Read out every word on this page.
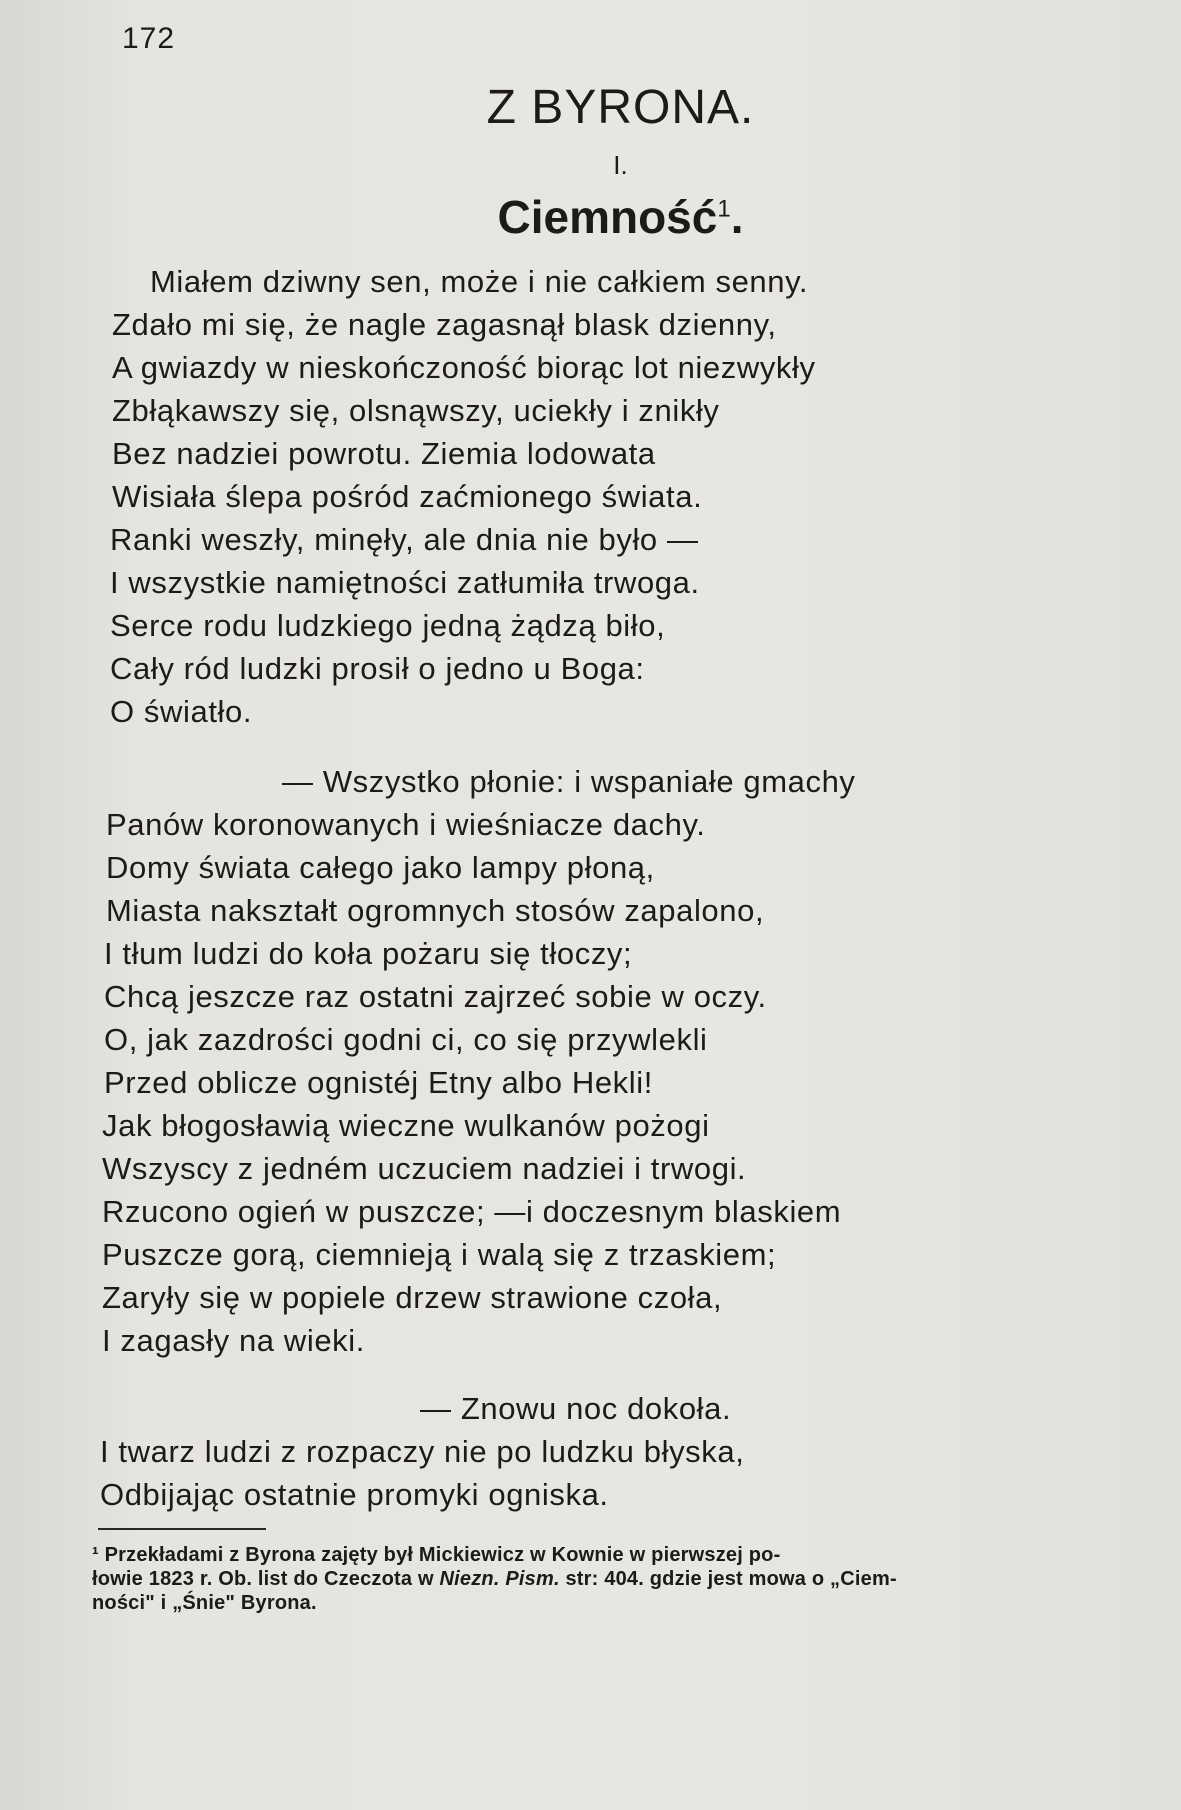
172
Z BYRONA.
I.
Ciemność$^1$.
Miałem dziwny sen, może i nie całkiem senny.
Zdało mi się, że nagle zagasnął blask dzienny,
A gwiazdy w nieskończoność biorąc lot niezwykły
Zbłąkawszy się, olsnąwszy, uciekły i znikły
Bez nadziei powrotu. Ziemia lodowata
Wisiała ślepa pośród zaćmionego świata.
Ranki weszły, minęły, ale dnia nie było —
I wszystkie namiętności zatłumiła trwoga.
Serce rodu ludzkiego jedną żądzą biło,
Cały ród ludzki prosił o jedno u Boga:
O światło.
— Wszystko płonie: i wspaniałe gmachy
Panów koronowanych i wieśniacze dachy.
Domy świata całego jako lampy płoną,
Miasta nakształt ogromnych stosów zapalono,
I tłum ludzi do koła pożaru się tłoczy;
Chcą jeszcze raz ostatni zajrzeć sobie w oczy.
O, jak zazdrości godni ci, co się przywlekli
Przed oblicze ognistéj Etny albo Hekli!
Jak błogosławią wieczne wulkanów pożogi
Wszyscy z jedném uczuciem nadziei i trwogi.
Rzucono ogień w puszcze; —i doczesnym blaskiem
Puszcze gorą, ciemnieją i walą się z trzaskiem;
Zaryły się w popiele drzew strawione czoła,
I zagasły na wieki.
— Znowu noc dokoła.
I twarz ludzi z rozpaczy nie po ludzku błyska,
Odbijając ostatnie promyki ogniska.
¹ Przekładami z Byrona zajęty był Mickiewicz w Kownie w pierwszej po-
łowie 1823 r. Ob. list do Czeczota w Niezn. Pism. str: 404. gdzie jest mowa o „Ciem-
ności" i „Śnie" Byrona.
